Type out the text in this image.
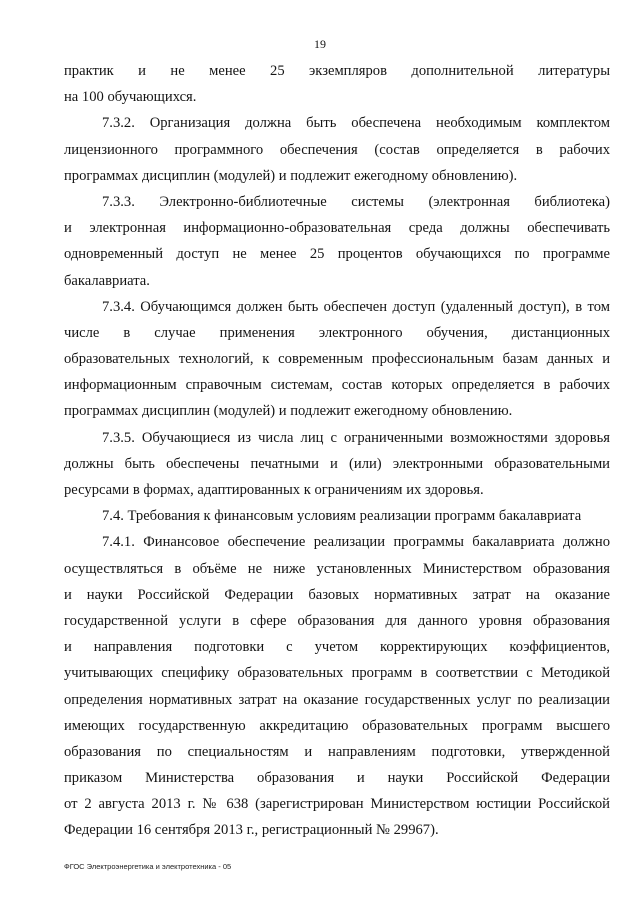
19
практик и не менее 25 экземпляров дополнительной литературы
на 100 обучающихся.
7.3.2. Организация должна быть обеспечена необходимым комплектом
лицензионного программного обеспечения (состав определяется в рабочих
программах дисциплин (модулей) и подлежит ежегодному обновлению).
7.3.3. Электронно-библиотечные системы (электронная библиотека)
и электронная информационно-образовательная среда должны обеспечивать
одновременный доступ не менее 25 процентов обучающихся по программе
бакалавриата.
7.3.4. Обучающимся должен быть обеспечен доступ (удаленный доступ), в том
числе в случае применения электронного обучения, дистанционных
образовательных технологий, к современным профессиональным базам данных и
информационным справочным системам, состав которых определяется в рабочих
программах дисциплин (модулей) и подлежит ежегодному обновлению.
7.3.5. Обучающиеся из числа лиц с ограниченными возможностями здоровья
должны быть обеспечены печатными и (или) электронными образовательными
ресурсами в формах, адаптированных к ограничениям их здоровья.
7.4. Требования к финансовым условиям реализации программ бакалавриата
7.4.1. Финансовое обеспечение реализации программы бакалавриата должно
осуществляться в объёме не ниже установленных Министерством образования
и науки Российской Федерации базовых нормативных затрат на оказание
государственной услуги в сфере образования для данного уровня образования
и направления подготовки с учетом корректирующих коэффициентов,
учитывающих специфику образовательных программ в соответствии с Методикой
определения нормативных затрат на оказание государственных услуг по реализации
имеющих государственную аккредитацию образовательных программ высшего
образования по специальностям и направлениям подготовки, утвержденной
приказом Министерства образования и науки Российской Федерации
от 2 августа 2013 г. № 638 (зарегистрирован Министерством юстиции Российской
Федерации 16 сентября 2013 г., регистрационный № 29967).
ФГОС Электроэнергетика и электротехника - 05
